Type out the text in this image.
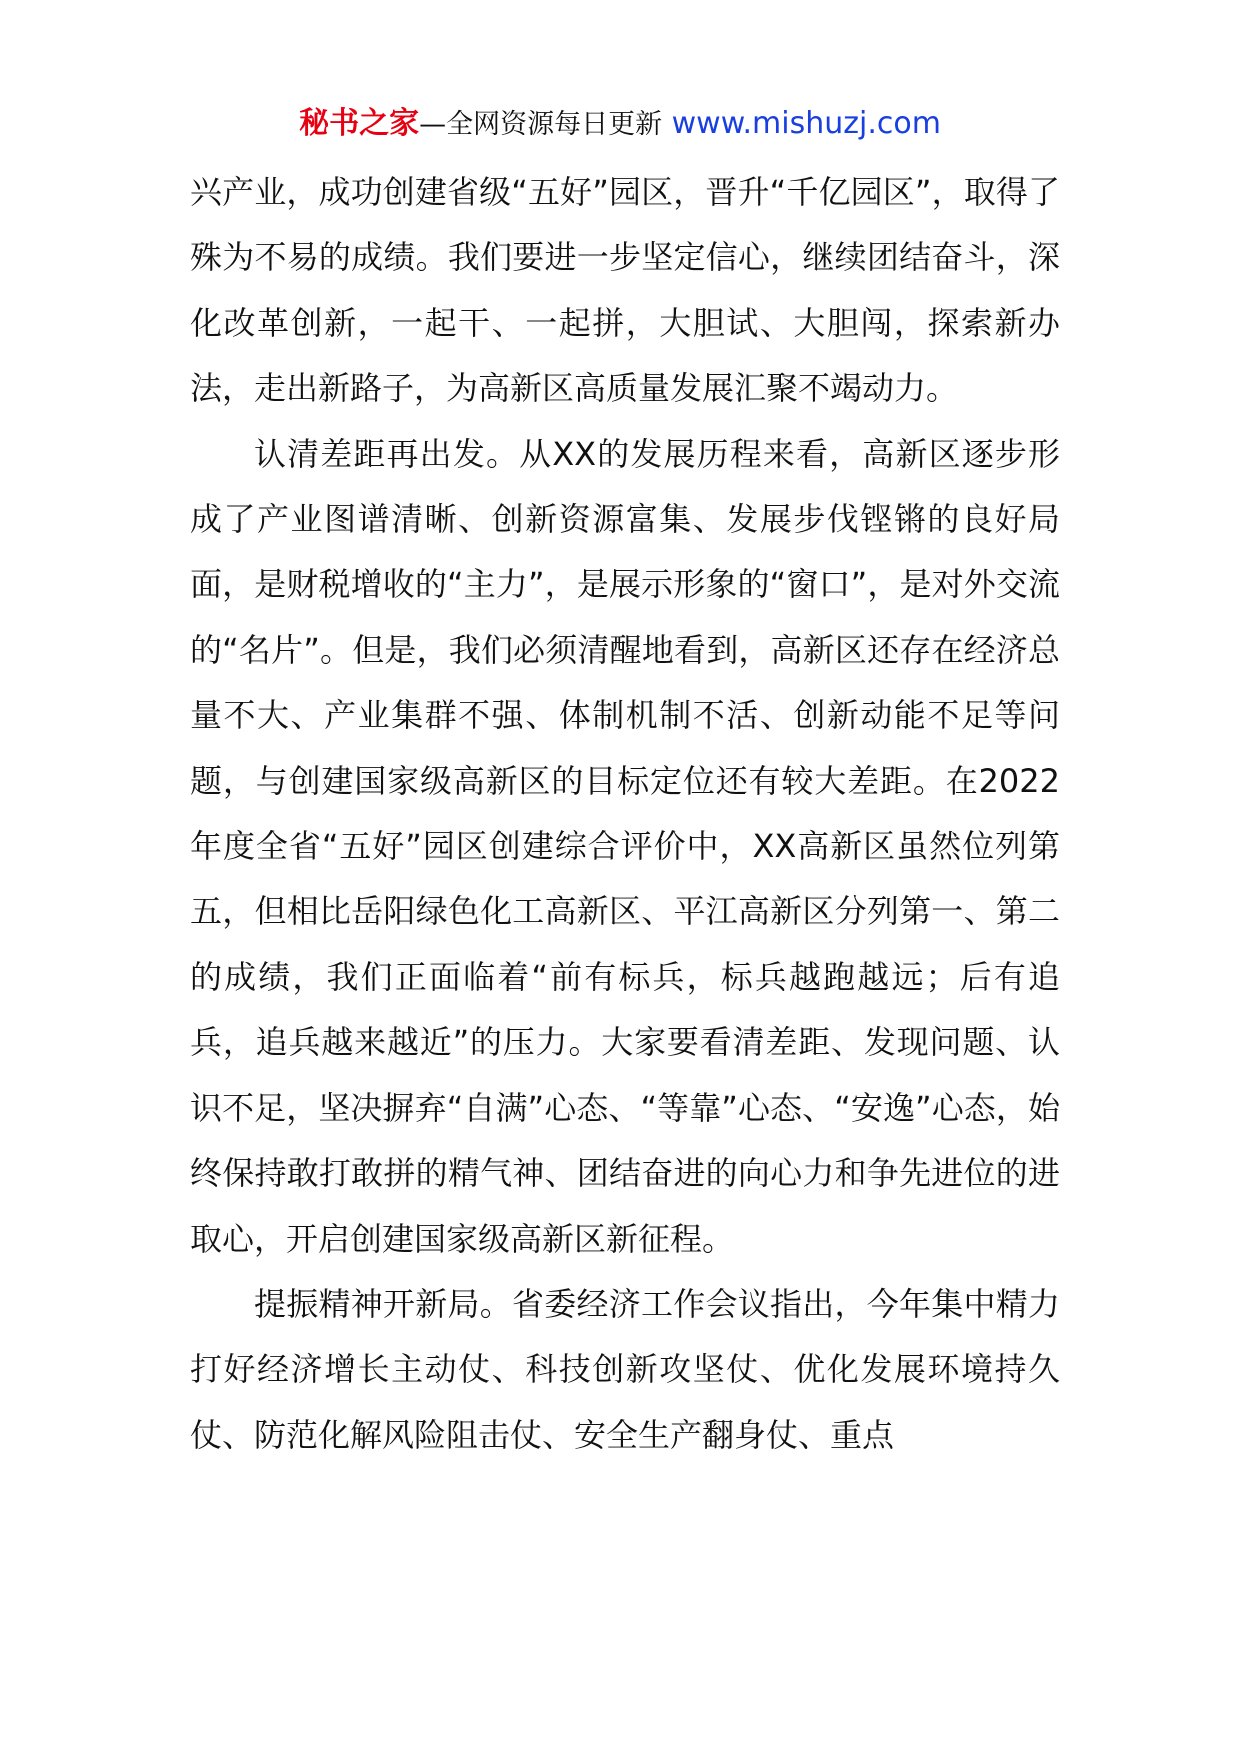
秘书之家—全网资源每日更新 www.mishuzj.com

兴产业，成功创建省级“五好”园区，晋升“千亿园区”，取得了殊为不易的成绩。我们要进一步坚定信心，继续团结奋斗，深化改革创新，一起干、一起拼，大胆试、大胆闯，探索新办法，走出新路子，为高新区高质量发展汇聚不竭动力。

认清差距再出发。从XX的发展历程来看，高新区逐步形成了产业图谱清晰、创新资源富集、发展步伐铿锵的良好局面，是财税增收的“主力”，是展示形象的“窗口”，是对外交流的“名片”。但是，我们必须清醒地看到，高新区还存在经济总量不大、产业集群不强、体制机制不活、创新动能不足等问题，与创建国家级高新区的目标定位还有较大差距。在2022年度全省“五好”园区创建综合评价中，XX高新区虽然位列第五，但相比岳阳绿色化工高新区、平江高新区分列第一、第二的成绩，我们正面临着“前有标兵，标兵越跑越远；后有追兵，追兵越来越近”的压力。大家要看清差距、发现问题、认识不足，坚决摒弃“自满”心态、“等靠”心态、“安逸”心态，始终保持敢打敢拼的精气神、团结奋进的向心力和争先进位的进取心，开启创建国家级高新区新征程。

提振精神开新局。省委经济工作会议指出，今年集中精力打好经济增长主动仗、科技创新攻坚仗、优化发展环境持久仗、防范化解风险阻击仗、安全生产翻身仗、重点
